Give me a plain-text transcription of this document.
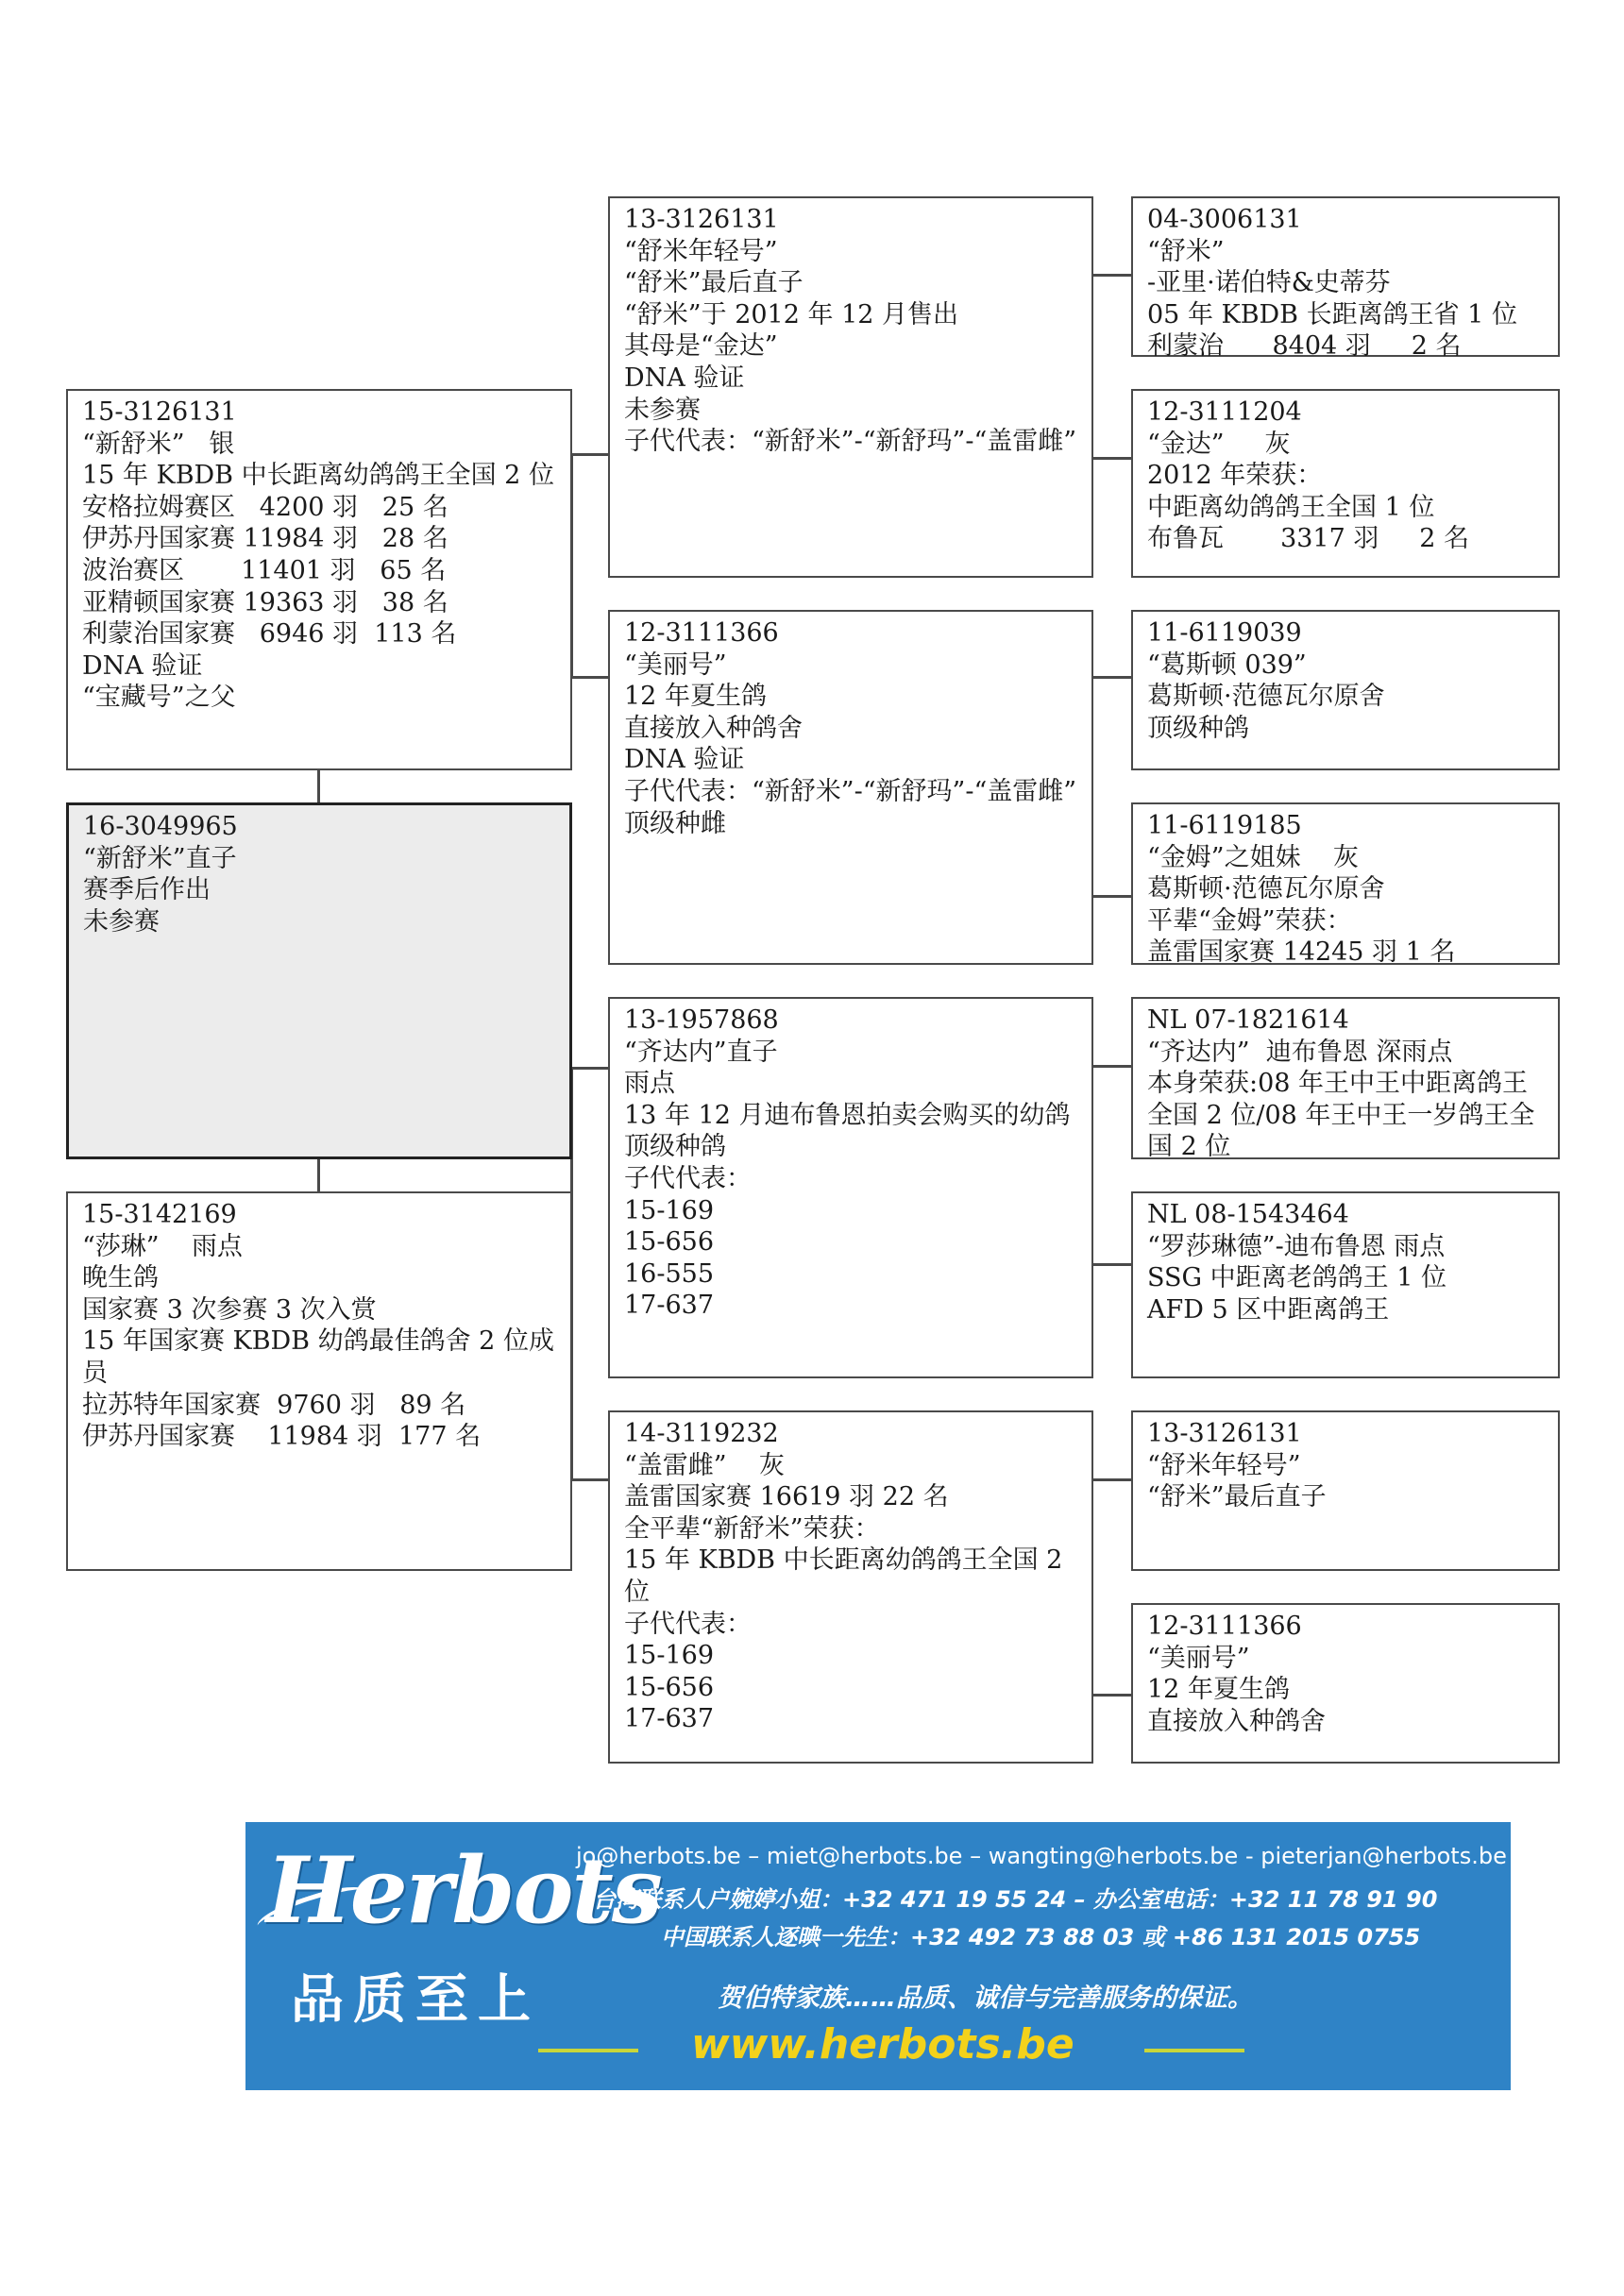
15-3126131
“新舒米”   银
15 年 KBDB 中长距离幼鸽鸽王全国 2 位
安格拉姆赛区   4200 羽   25 名
伊苏丹国家赛 11984 羽   28 名
波治赛区       11401 羽   65 名
亚精顿国家赛 19363 羽   38 名
利蒙治国家赛   6946 羽  113 名
DNA 验证
“宝藏号”之父
16-3049965
“新舒米”直子
赛季后作出
未参赛
15-3142169
“莎琳”    雨点
晚生鸽
国家赛 3 次参赛 3 次入赏
15 年国家赛 KBDB 幼鸽最佳鸽舍 2 位成员
拉苏特年国家赛  9760 羽   89 名
伊苏丹国家赛    11984 羽  177 名
13-3126131
“舒米年轻号”
“舒米”最后直子
“舒米”于 2012 年 12 月售出
其母是“金达”
DNA 验证
未参赛
子代代表：“新舒米”-“新舒玛”-“盖雷雌”
12-3111366
“美丽号”
12 年夏生鸽
直接放入种鸽舍
DNA 验证
子代代表：“新舒米”-“新舒玛”-“盖雷雌”
顶级种雌
13-1957868
“齐达内”直子
雨点
13 年 12 月迪布鲁恩拍卖会购买的幼鸽
顶级种鸽
子代代表：
15-169
15-656
16-555
17-637
14-3119232
“盖雷雌”    灰
盖雷国家赛 16619 羽 22 名
全平辈“新舒米”荣获：
15 年 KBDB 中长距离幼鸽鸽王全国 2 位
子代代表：
15-169
15-656
17-637
04-3006131
“舒米”
-亚里·诺伯特&史蒂芬
05 年 KBDB 长距离鸽王省 1 位
利蒙治      8404 羽     2 名
12-3111204
“金达”     灰
2012 年荣获：
中距离幼鸽鸽王全国 1 位
布鲁瓦       3317 羽     2 名
11-6119039
“葛斯顿 039”
葛斯顿·范德瓦尔原舍
顶级种鸽
11-6119185
“金姆”之姐妹    灰
葛斯顿·范德瓦尔原舍
平辈“金姆”荣获：
盖雷国家赛 14245 羽 1 名
NL 07-1821614
“齐达内”  迪布鲁恩 深雨点
本身荣获:08 年王中王中距离鸽王全国 2 位/08 年王中王一岁鸽王全国 2 位
NL 08-1543464
“罗莎琳德”-迪布鲁恩 雨点
SSG 中距离老鸽鸽王 1 位
AFD 5 区中距离鸽王
13-3126131
“舒米年轻号”
“舒米”最后直子
12-3111366
“美丽号”
12 年夏生鸽
直接放入种鸽舍
Herbots
品质至上
jo@herbots.be – miet@herbots.be – wangting@herbots.be - pieterjan@herbots.be
台湾联系人户婉婷小姐：+32 471 19 55 24 – 办公室电话：+32 11 78 91 90
中国联系人逐晪一先生：+32 492 73 88 03 或 +86 131 2015 0755
贺伯特家族……品质、诚信与完善服务的保证。
www.herbots.be
